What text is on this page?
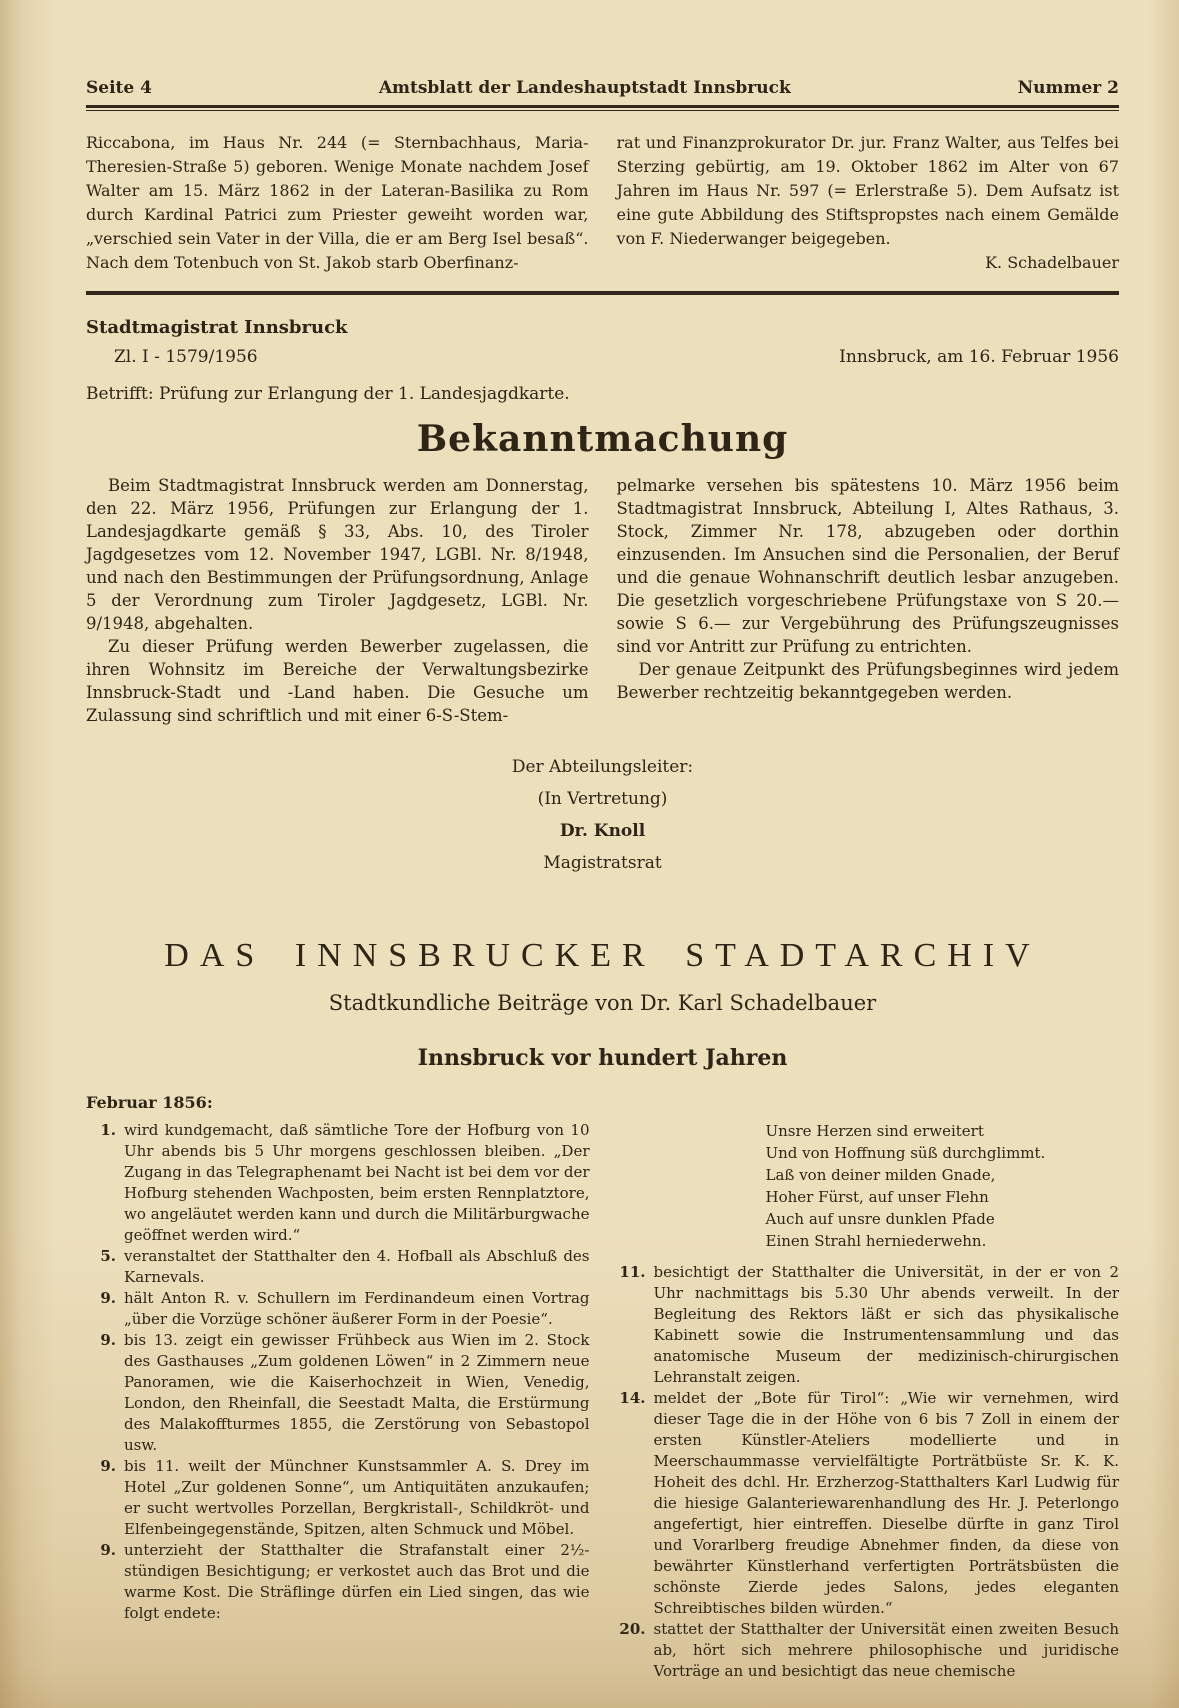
Seite 4	Amtsblatt der Landeshauptstadt Innsbruck	Nummer 2
Riccabona, im Haus Nr. 244 (= Sternbachhaus, Maria-Theresien-Straße 5) geboren. Wenige Monate nachdem Josef Walter am 15. März 1862 in der Lateran-Basilika zu Rom durch Kardinal Patrici zum Priester geweiht worden war, „verschied sein Vater in der Villa, die er am Berg Isel besaß“. Nach dem Totenbuch von St. Jakob starb Oberfinanz-
rat und Finanzprokurator Dr. jur. Franz Walter, aus Telfes bei Sterzing gebürtig, am 19. Oktober 1862 im Alter von 67 Jahren im Haus Nr. 597 (= Erlerstraße 5). Dem Aufsatz ist eine gute Abbildung des Stiftspropstes nach einem Gemälde von F. Niederwanger beigegeben.
K. Schadelbauer
Stadtmagistrat Innsbruck
Zl. I - 1579/1956	Innsbruck, am 16. Februar 1956
Betrifft: Prüfung zur Erlangung der 1. Landesjagdkarte.
Bekanntmachung
Beim Stadtmagistrat Innsbruck werden am Donnerstag, den 22. März 1956, Prüfungen zur Erlangung der 1. Landesjagdkarte gemäß § 33, Abs. 10, des Tiroler Jagdgesetzes vom 12. November 1947, LGBl. Nr. 8/1948, und nach den Bestimmungen der Prüfungsordnung, Anlage 5 der Verordnung zum Tiroler Jagdgesetz, LGBl. Nr. 9/1948, abgehalten.
Zu dieser Prüfung werden Bewerber zugelassen, die ihren Wohnsitz im Bereiche der Verwaltungsbezirke Innsbruck-Stadt und -Land haben. Die Gesuche um Zulassung sind schriftlich und mit einer 6-S-Stem-
pelmarke versehen bis spätestens 10. März 1956 beim Stadtmagistrat Innsbruck, Abteilung I, Altes Rathaus, 3. Stock, Zimmer Nr. 178, abzugeben oder dorthin einzusenden. Im Ansuchen sind die Personalien, der Beruf und die genaue Wohnanschrift deutlich lesbar anzugeben. Die gesetzlich vorgeschriebene Prüfungstaxe von S 20.— sowie S 6.— zur Vergebührung des Prüfungszeugnisses sind vor Antritt zur Prüfung zu entrichten.
Der genaue Zeitpunkt des Prüfungsbeginnes wird jedem Bewerber rechtzeitig bekanntgegeben werden.
Der Abteilungsleiter:
(In Vertretung)
Dr. Knoll
Magistratsrat
DAS INNSBRUCKER STADTARCHIV
Stadtkundliche Beiträge von Dr. Karl Schadelbauer
Innsbruck vor hundert Jahren
Februar 1856:
1. wird kundgemacht, daß sämtliche Tore der Hofburg von 10 Uhr abends bis 5 Uhr morgens geschlossen bleiben. „Der Zugang in das Telegraphenamt bei Nacht ist bei dem vor der Hofburg stehenden Wachposten, beim ersten Rennplatztore, wo angeläutet werden kann und durch die Militärburgwache geöffnet werden wird.“
5. veranstaltet der Statthalter den 4. Hofball als Abschluß des Karnevals.
9. hält Anton R. v. Schullern im Ferdinandeum einen Vortrag „über die Vorzüge schöner äußerer Form in der Poesie“.
9. bis 13. zeigt ein gewisser Frühbeck aus Wien im 2. Stock des Gasthauses „Zum goldenen Löwen“ in 2 Zimmern neue Panoramen, wie die Kaiserhochzeit in Wien, Venedig, London, den Rheinfall, die Seestadt Malta, die Erstürmung des Malakoffturmes 1855, die Zerstörung von Sebastopol usw.
9. bis 11. weilt der Münchner Kunstsammler A. S. Drey im Hotel „Zur goldenen Sonne“, um Antiquitäten anzukaufen; er sucht wertvolles Porzellan, Bergkristall-, Schildkröt- und Elfenbeingegenstände, Spitzen, alten Schmuck und Möbel.
9. unterzieht der Statthalter die Strafanstalt einer 2½-stündigen Besichtigung; er verkostet auch das Brot und die warme Kost. Die Sträflinge dürfen ein Lied singen, das wie folgt endete:
Unsre Herzen sind erweitert
Und von Hoffnung süß durchglimmt.
Laß von deiner milden Gnade,
Hoher Fürst, auf unser Flehn
Auch auf unsre dunklen Pfade
Einen Strahl herniederwehn.
11. besichtigt der Statthalter die Universität, in der er von 2 Uhr nachmittags bis 5.30 Uhr abends verweilt. In der Begleitung des Rektors läßt er sich das physikalische Kabinett sowie die Instrumentensammlung und das anatomische Museum der medizinisch-chirurgischen Lehranstalt zeigen.
14. meldet der „Bote für Tirol“: „Wie wir vernehmen, wird dieser Tage die in der Höhe von 6 bis 7 Zoll in einem der ersten Künstler-Ateliers modellierte und in Meerschaummasse vervielfältigte Porträtbüste Sr. K. K. Hoheit des dchl. Hr. Erzherzog-Statthalters Karl Ludwig für die hiesige Galanteriewarenhandlung des Hr. J. Peterlongo angefertigt, hier eintreffen. Dieselbe dürfte in ganz Tirol und Vorarlberg freudige Abnehmer finden, da diese von bewährter Künstlerhand verfertigten Porträtsbüsten die schönste Zierde jedes Salons, jedes eleganten Schreibtisches bilden würden.“
20. stattet der Statthalter der Universität einen zweiten Besuch ab, hört sich mehrere philosophische und juridische Vorträge an und besichtigt das neue chemische
